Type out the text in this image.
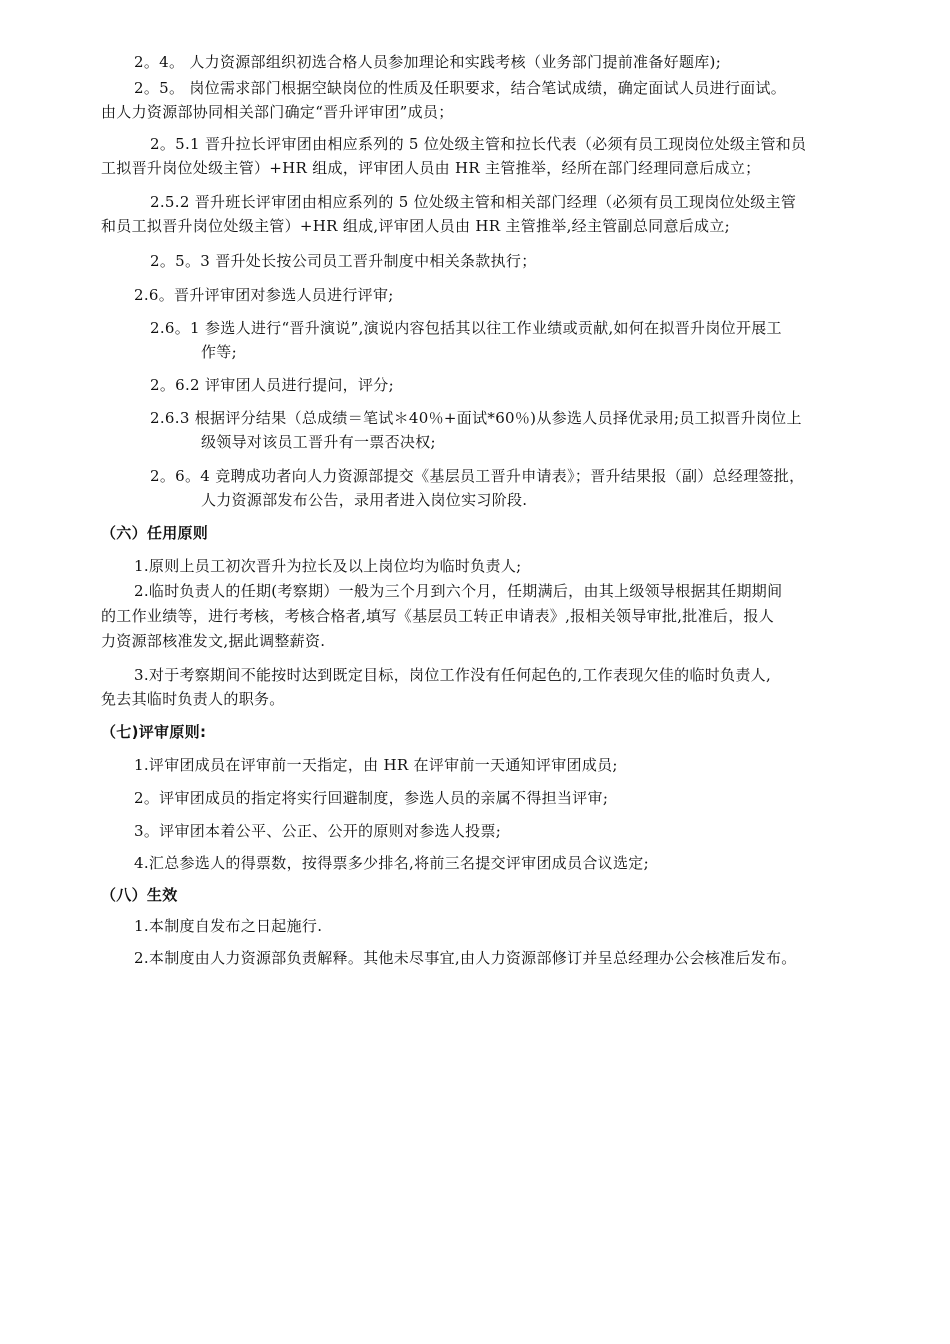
2。4。 人力资源部组织初选合格人员参加理论和实践考核（业务部门提前准备好题库);
2。5。 岗位需求部门根据空缺岗位的性质及任职要求，结合笔试成绩，确定面试人员进行面试。
由人力资源部协同相关部门确定“晋升评审团”成员；
2。5.1 晋升拉长评审团由相应系列的 5 位处级主管和拉长代表（必须有员工现岗位处级主管和员
工拟晋升岗位处级主管）+HR 组成，评审团人员由 HR 主管推举，经所在部门经理同意后成立；
2.5.2 晋升班长评审团由相应系列的 5 位处级主管和相关部门经理（必须有员工现岗位处级主管
和员工拟晋升岗位处级主管）+HR 组成,评审团人员由 HR 主管推举,经主管副总同意后成立;
2。5。3 晋升处长按公司员工晋升制度中相关条款执行；
2.6。晋升评审团对参选人员进行评审;
2.6。1 参选人进行“晋升演说”,演说内容包括其以往工作业绩或贡献,如何在拟晋升岗位开展工
作等;
2。6.2 评审团人员进行提问，评分;
2.6.3 根据评分结果（总成绩＝笔试＊40％+面试*60％)从参选人员择优录用;员工拟晋升岗位上
级领导对该员工晋升有一票否决权;
2。6。4 竞聘成功者向人力资源部提交《基层员工晋升申请表》；晋升结果报（副）总经理签批，
人力资源部发布公告，录用者进入岗位实习阶段.
（六）任用原则
1.原则上员工初次晋升为拉长及以上岗位均为临时负责人;
2.临时负责人的任期(考察期）一般为三个月到六个月，任期满后，由其上级领导根据其任期期间
的工作业绩等，进行考核，考核合格者,填写《基层员工转正申请表》,报相关领导审批,批准后，报人
力资源部核准发文,据此调整薪资.
3.对于考察期间不能按时达到既定目标，岗位工作没有任何起色的,工作表现欠佳的临时负责人,
免去其临时负责人的职务。
（七)评审原则:
1.评审团成员在评审前一天指定，由 HR 在评审前一天通知评审团成员;
2。评审团成员的指定将实行回避制度，参选人员的亲属不得担当评审;
3。评审团本着公平、公正、公开的原则对参选人投票;
4.汇总参选人的得票数，按得票多少排名,将前三名提交评审团成员合议选定;
（八）生效
1.本制度自发布之日起施行.
2.本制度由人力资源部负责解释。其他未尽事宜,由人力资源部修订并呈总经理办公会核准后发布。
